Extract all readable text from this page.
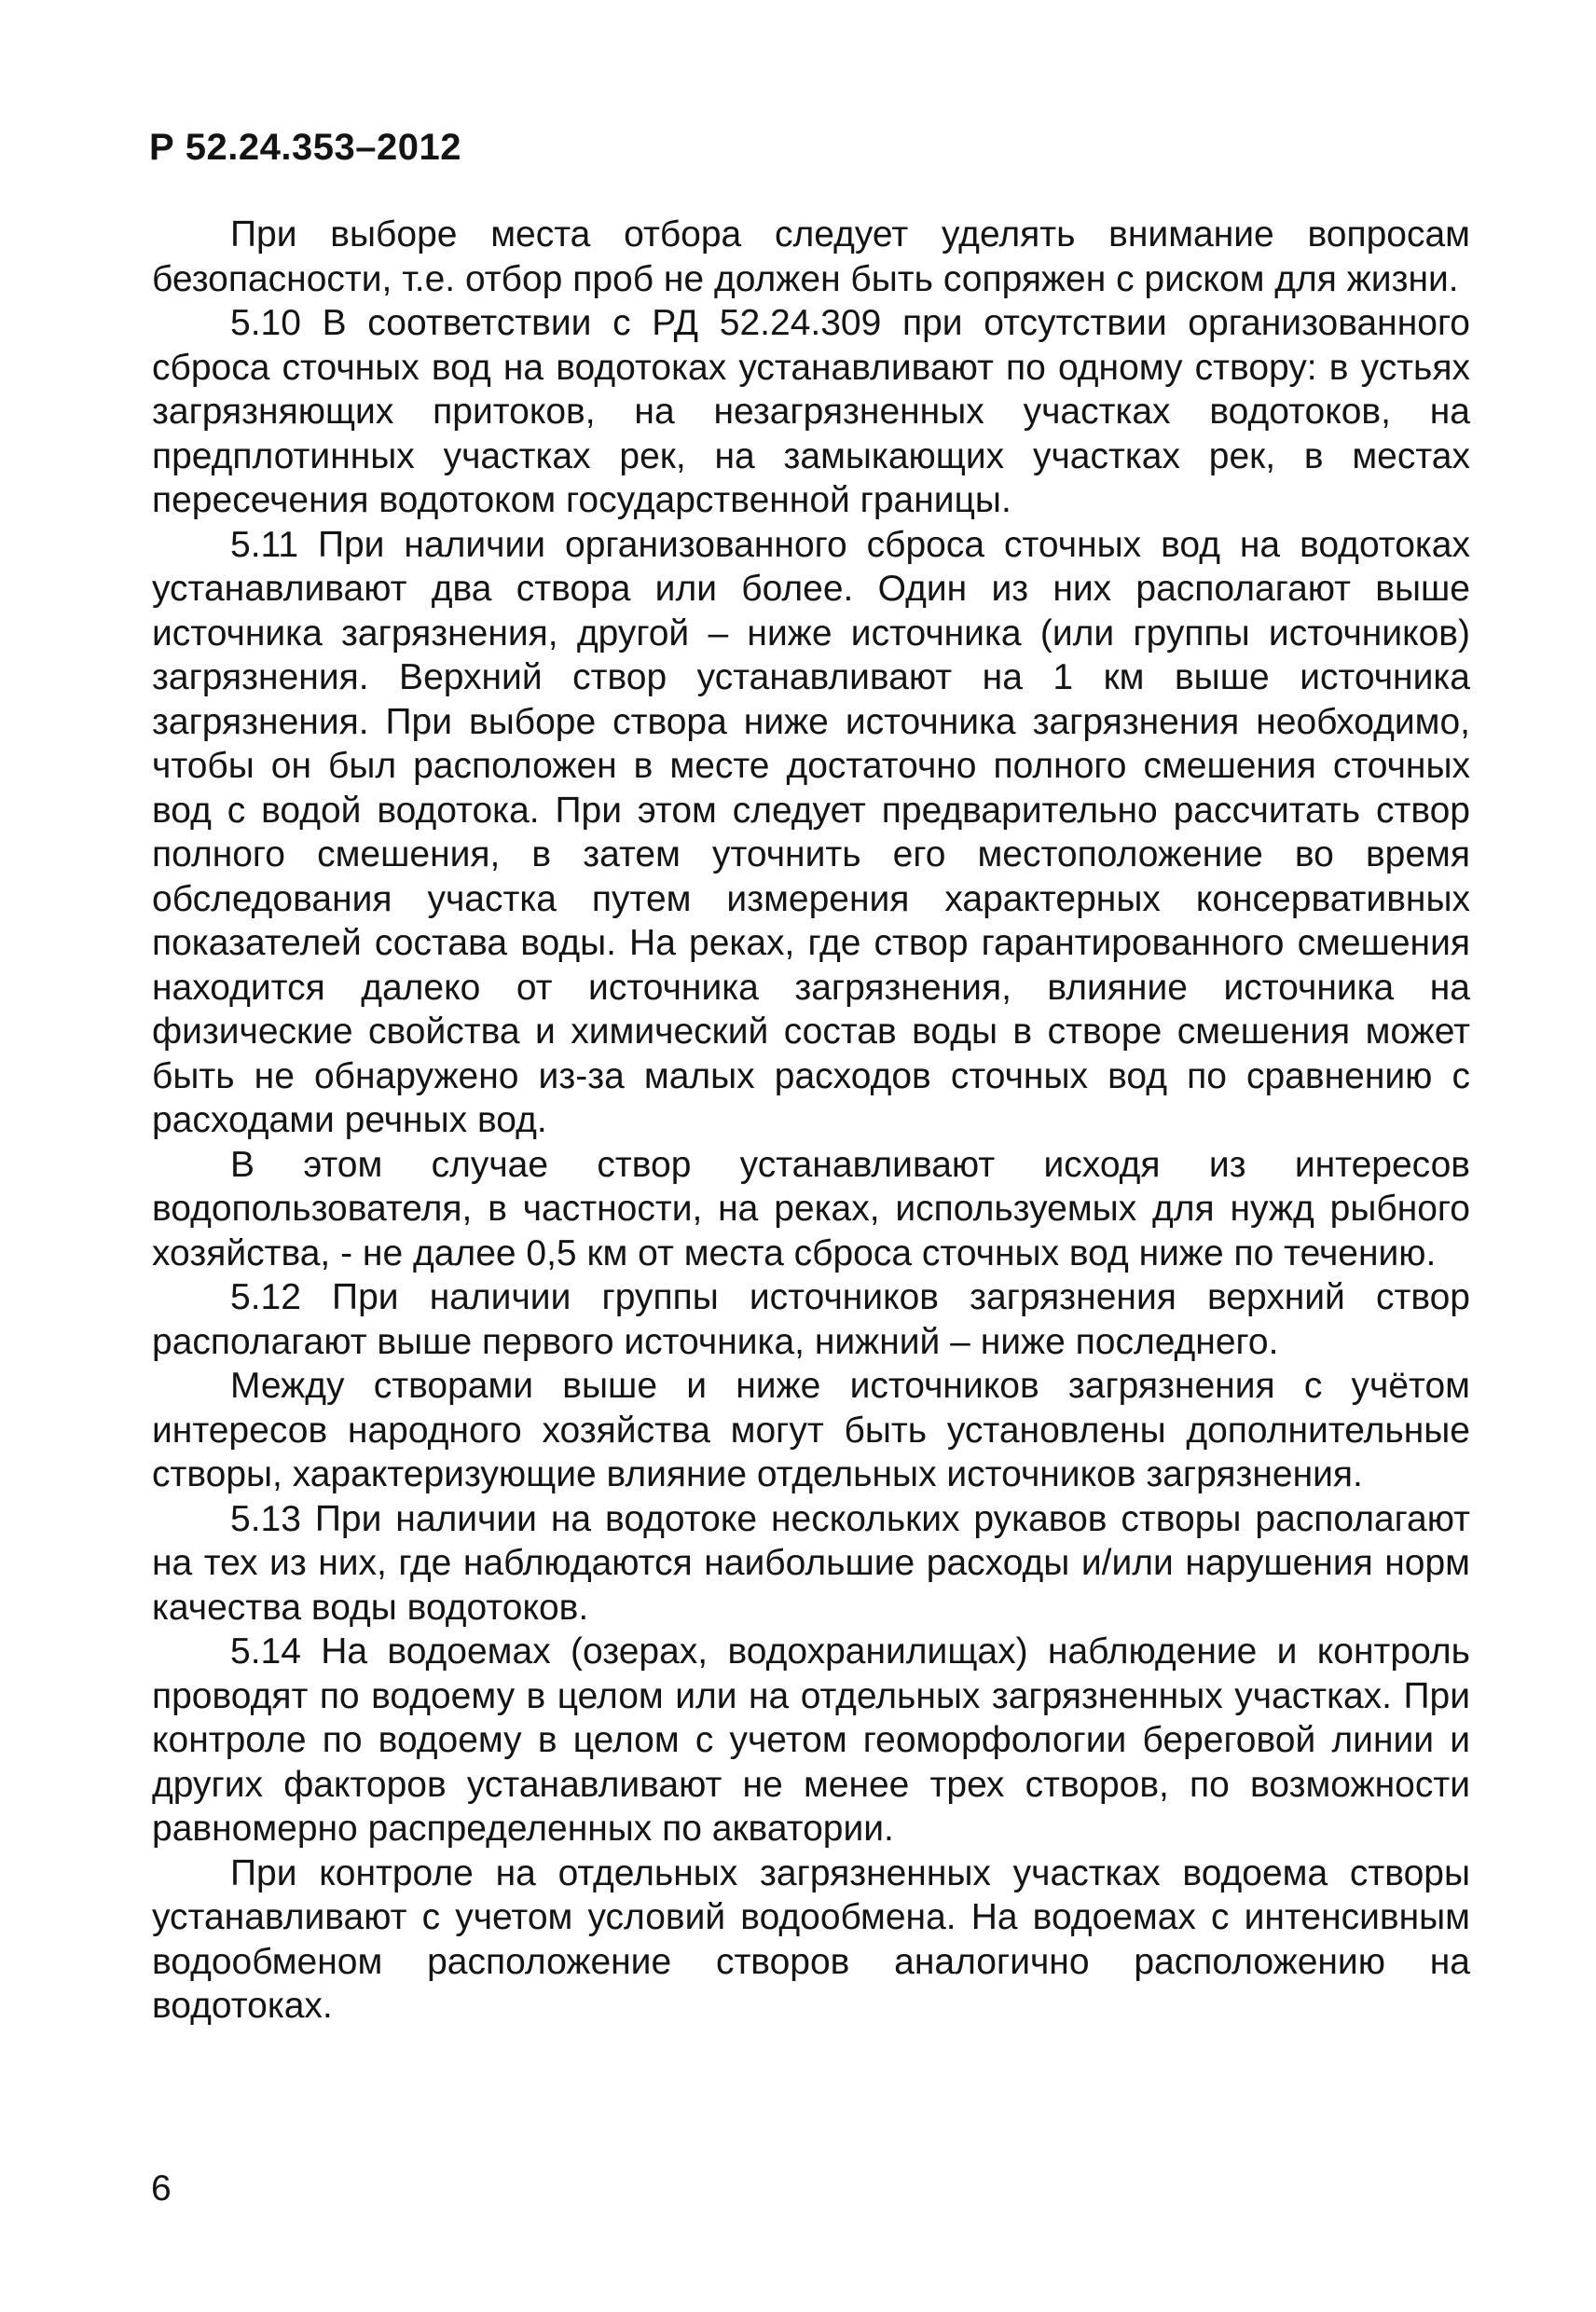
Р 52.24.353–2012

При выборе места отбора следует уделять внимание вопросам безопасности, т.е. отбор проб не должен быть сопряжен с риском для жизни.

5.10 В соответствии с РД 52.24.309 при отсутствии организованного сброса сточных вод на водотоках устанавливают по одному створу: в устьях загрязняющих притоков, на незагрязненных участках водотоков, на предплотинных участках рек, на замыкающих участках рек, в местах пересечения водотоком государственной границы.

5.11 При наличии организованного сброса сточных вод на водотоках устанавливают два створа или более. Один из них располагают выше источника загрязнения, другой – ниже источника (или группы источников) загрязнения. Верхний створ устанавливают на 1 км выше источника загрязнения. При выборе створа ниже источника загрязнения необходимо, чтобы он был расположен в месте достаточно полного смешения сточных вод с водой водотока. При этом следует предварительно рассчитать створ полного смешения, в затем уточнить его местоположение во время обследования участка путем измерения характерных консервативных показателей состава воды. На реках, где створ гарантированного смешения находится далеко от источника загрязнения, влияние источника на физические свойства и химический состав воды в створе смешения может быть не обнаружено из-за малых расходов сточных вод по сравнению с расходами речных вод.

В этом случае створ устанавливают исходя из интересов водопользователя, в частности, на реках, используемых для нужд рыбного хозяйства, - не далее 0,5 км от места сброса сточных вод ниже по течению.

5.12 При наличии группы источников загрязнения верхний створ располагают выше первого источника, нижний – ниже последнего.

Между створами выше и ниже источников загрязнения с учётом интересов народного хозяйства могут быть установлены дополнительные створы, характеризующие влияние отдельных источников загрязнения.

5.13 При наличии на водотоке нескольких рукавов створы располагают на тех из них, где наблюдаются наибольшие расходы и/или нарушения норм качества воды водотоков.

5.14 На водоемах (озерах, водохранилищах) наблюдение и контроль проводят по водоему в целом или на отдельных загрязненных участках. При контроле по водоему в целом с учетом геоморфологии береговой линии и других факторов устанавливают не менее трех створов, по возможности равномерно распределенных по акватории.

При контроле на отдельных загрязненных участках водоема створы устанавливают с учетом условий водообмена. На водоемах с интенсивным водообменом расположение створов аналогично расположению на водотоках.

6
